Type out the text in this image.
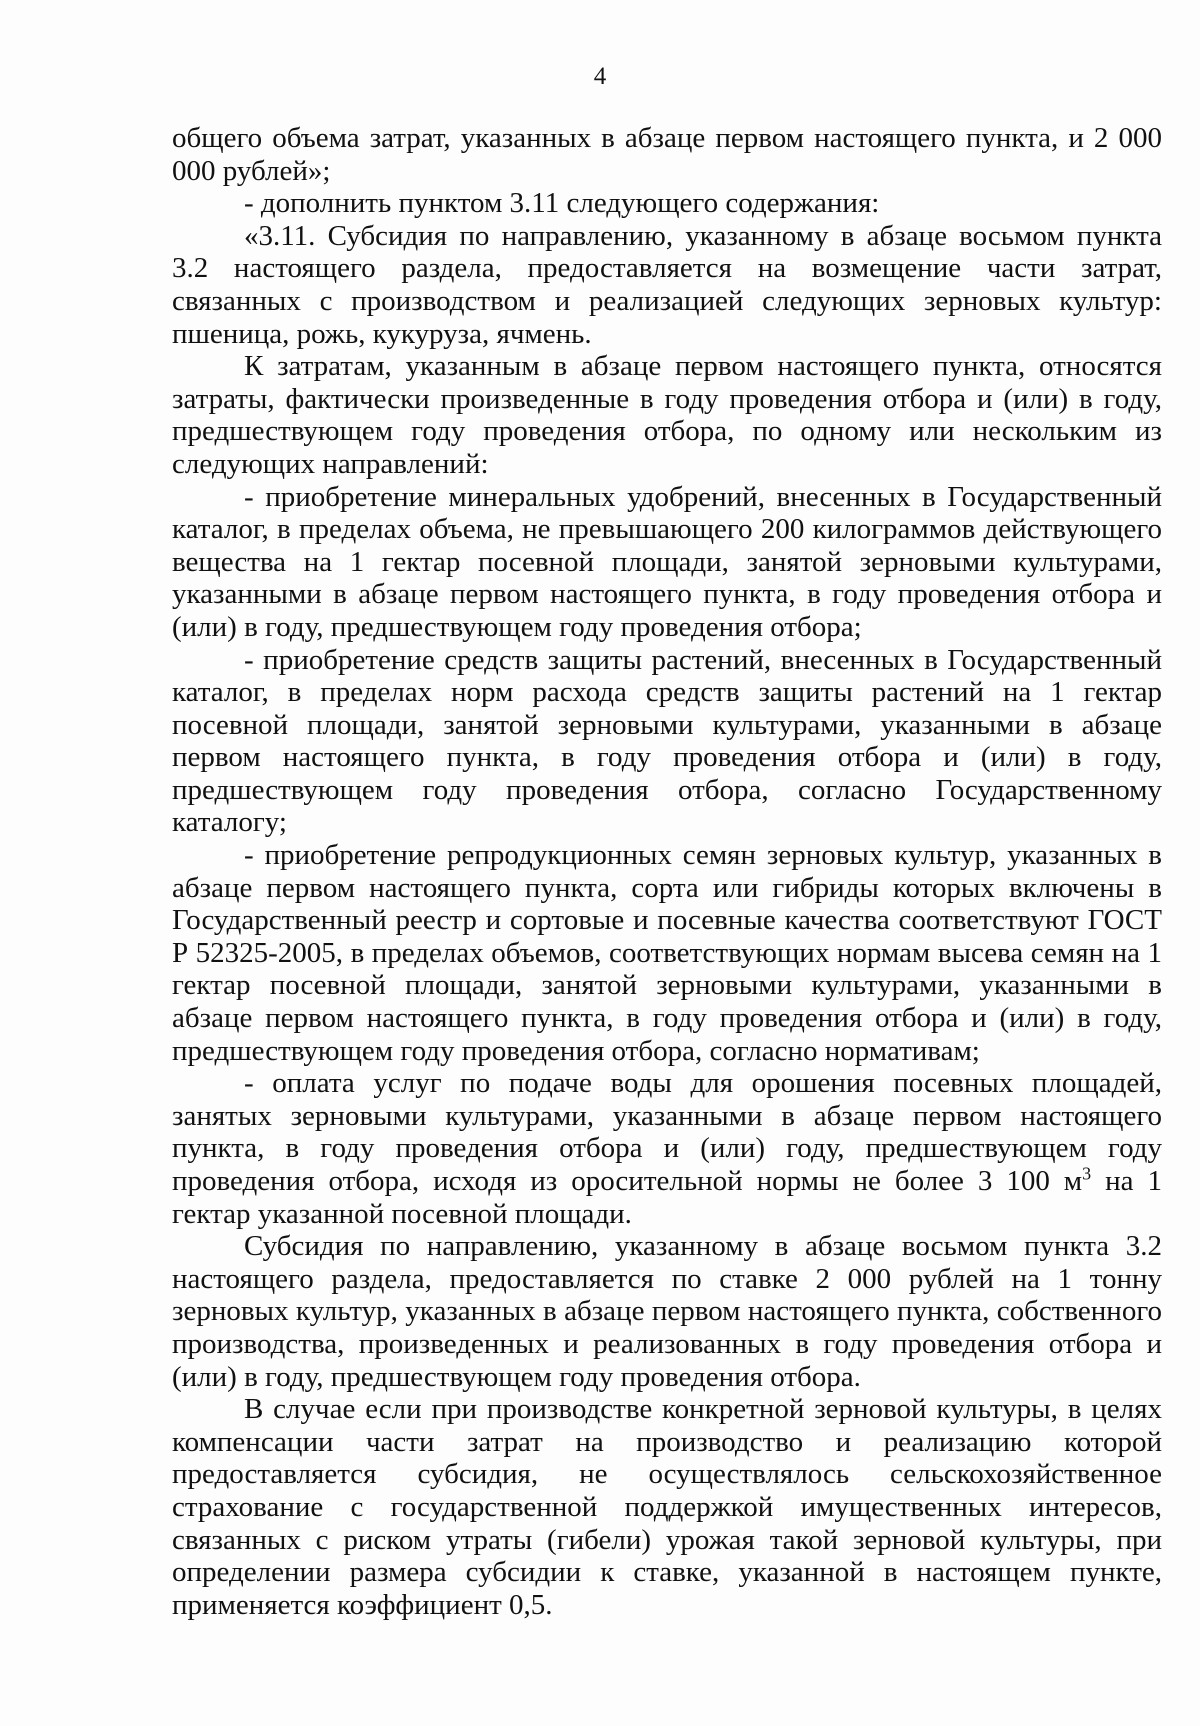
4

общего объема затрат, указанных в абзаце первом настоящего пункта, и 2 000 000 рублей»;

- дополнить пунктом 3.11 следующего содержания:

«3.11. Субсидия по направлению, указанному в абзаце восьмом пункта 3.2 настоящего раздела, предоставляется на возмещение части затрат, связанных с производством и реализацией следующих зерновых культур: пшеница, рожь, кукуруза, ячмень.

К затратам, указанным в абзаце первом настоящего пункта, относятся затраты, фактически произведенные в году проведения отбора и (или) в году, предшествующем году проведения отбора, по одному или нескольким из следующих направлений:

- приобретение минеральных удобрений, внесенных в Государственный каталог, в пределах объема, не превышающего 200 килограммов действующего вещества на 1 гектар посевной площади, занятой зерновыми культурами, указанными в абзаце первом настоящего пункта, в году проведения отбора и (или) в году, предшествующем году проведения отбора;

- приобретение средств защиты растений, внесенных в Государственный каталог, в пределах норм расхода средств защиты растений на 1 гектар посевной площади, занятой зерновыми культурами, указанными в абзаце первом настоящего пункта, в году проведения отбора и (или) в году, предшествующем году проведения отбора, согласно Государственному каталогу;

- приобретение репродукционных семян зерновых культур, указанных в абзаце первом настоящего пункта, сорта или гибриды которых включены в Государственный реестр и сортовые и посевные качества соответствуют ГОСТ Р 52325-2005, в пределах объемов, соответствующих нормам высева семян на 1 гектар посевной площади, занятой зерновыми культурами, указанными в абзаце первом настоящего пункта, в году проведения отбора и (или) в году, предшествующем году проведения отбора, согласно нормативам;

- оплата услуг по подаче воды для орошения посевных площадей, занятых зерновыми культурами, указанными в абзаце первом настоящего пункта, в году проведения отбора и (или) году, предшествующем году проведения отбора, исходя из оросительной нормы не более 3 100 $м^3$ на 1 гектар указанной посевной площади.

Субсидия по направлению, указанному в абзаце восьмом пункта 3.2 настоящего раздела, предоставляется по ставке 2 000 рублей на 1 тонну зерновых культур, указанных в абзаце первом настоящего пункта, собственного производства, произведенных и реализованных в году проведения отбора и (или) в году, предшествующем году проведения отбора.

В случае если при производстве конкретной зерновой культуры, в целях компенсации части затрат на производство и реализацию которой предоставляется субсидия, не осуществлялось сельскохозяйственное страхование с государственной поддержкой имущественных интересов, связанных с риском утраты (гибели) урожая такой зерновой культуры, при определении размера субсидии к ставке, указанной в настоящем пункте, применяется коэффициент 0,5.
